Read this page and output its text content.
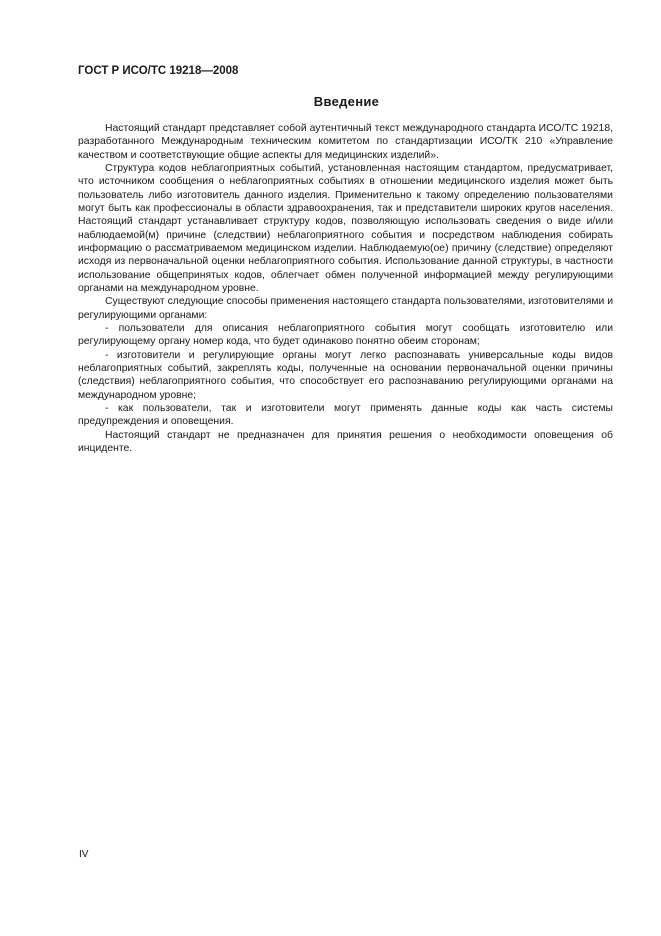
ГОСТ Р ИСО/ТС 19218—2008
Введение

Настоящий стандарт представляет собой аутентичный текст международного стандарта ИСО/ТС 19218, разработанного Международным техническим комитетом по стандартизации ИСО/ТК 210 «Управление качеством и соответствующие общие аспекты для медицинских изделий».

Структура кодов неблагоприятных событий, установленная настоящим стандартом, предусматривает, что источником сообщения о неблагоприятных событиях в отношении медицинского изделия может быть пользователь либо изготовитель данного изделия. Применительно к такому определению пользователями могут быть как профессионалы в области здравоохранения, так и представители широких кругов населения. Настоящий стандарт устанавливает структуру кодов, позволяющую использовать сведения о виде и/или наблюдаемой(м) причине (следствии) неблагоприятного события и посредством наблюдения собирать информацию о рассматриваемом медицинском изделии. Наблюдаемую(ое) причину (следствие) определяют исходя из первоначальной оценки неблагоприятного события. Использование данной структуры, в частности использование общепринятых кодов, облегчает обмен полученной информацией между регулирующими органами на международном уровне.

Существуют следующие способы применения настоящего стандарта пользователями, изготовителями и регулирующими органами:

- пользователи для описания неблагоприятного события могут сообщать изготовителю или регулирующему органу номер кода, что будет одинаково понятно обеим сторонам;

- изготовители и регулирующие органы могут легко распознавать универсальные коды видов неблагоприятных событий, закреплять коды, полученные на основании первоначальной оценки причины (следствия) неблагоприятного события, что способствует его распознаванию регулирующими органами на международном уровне;

- как пользователи, так и изготовители могут применять данные коды как часть системы предупреждения и оповещения.

Настоящий стандарт не предназначен для принятия решения о необходимости оповещения об инциденте.

IV
